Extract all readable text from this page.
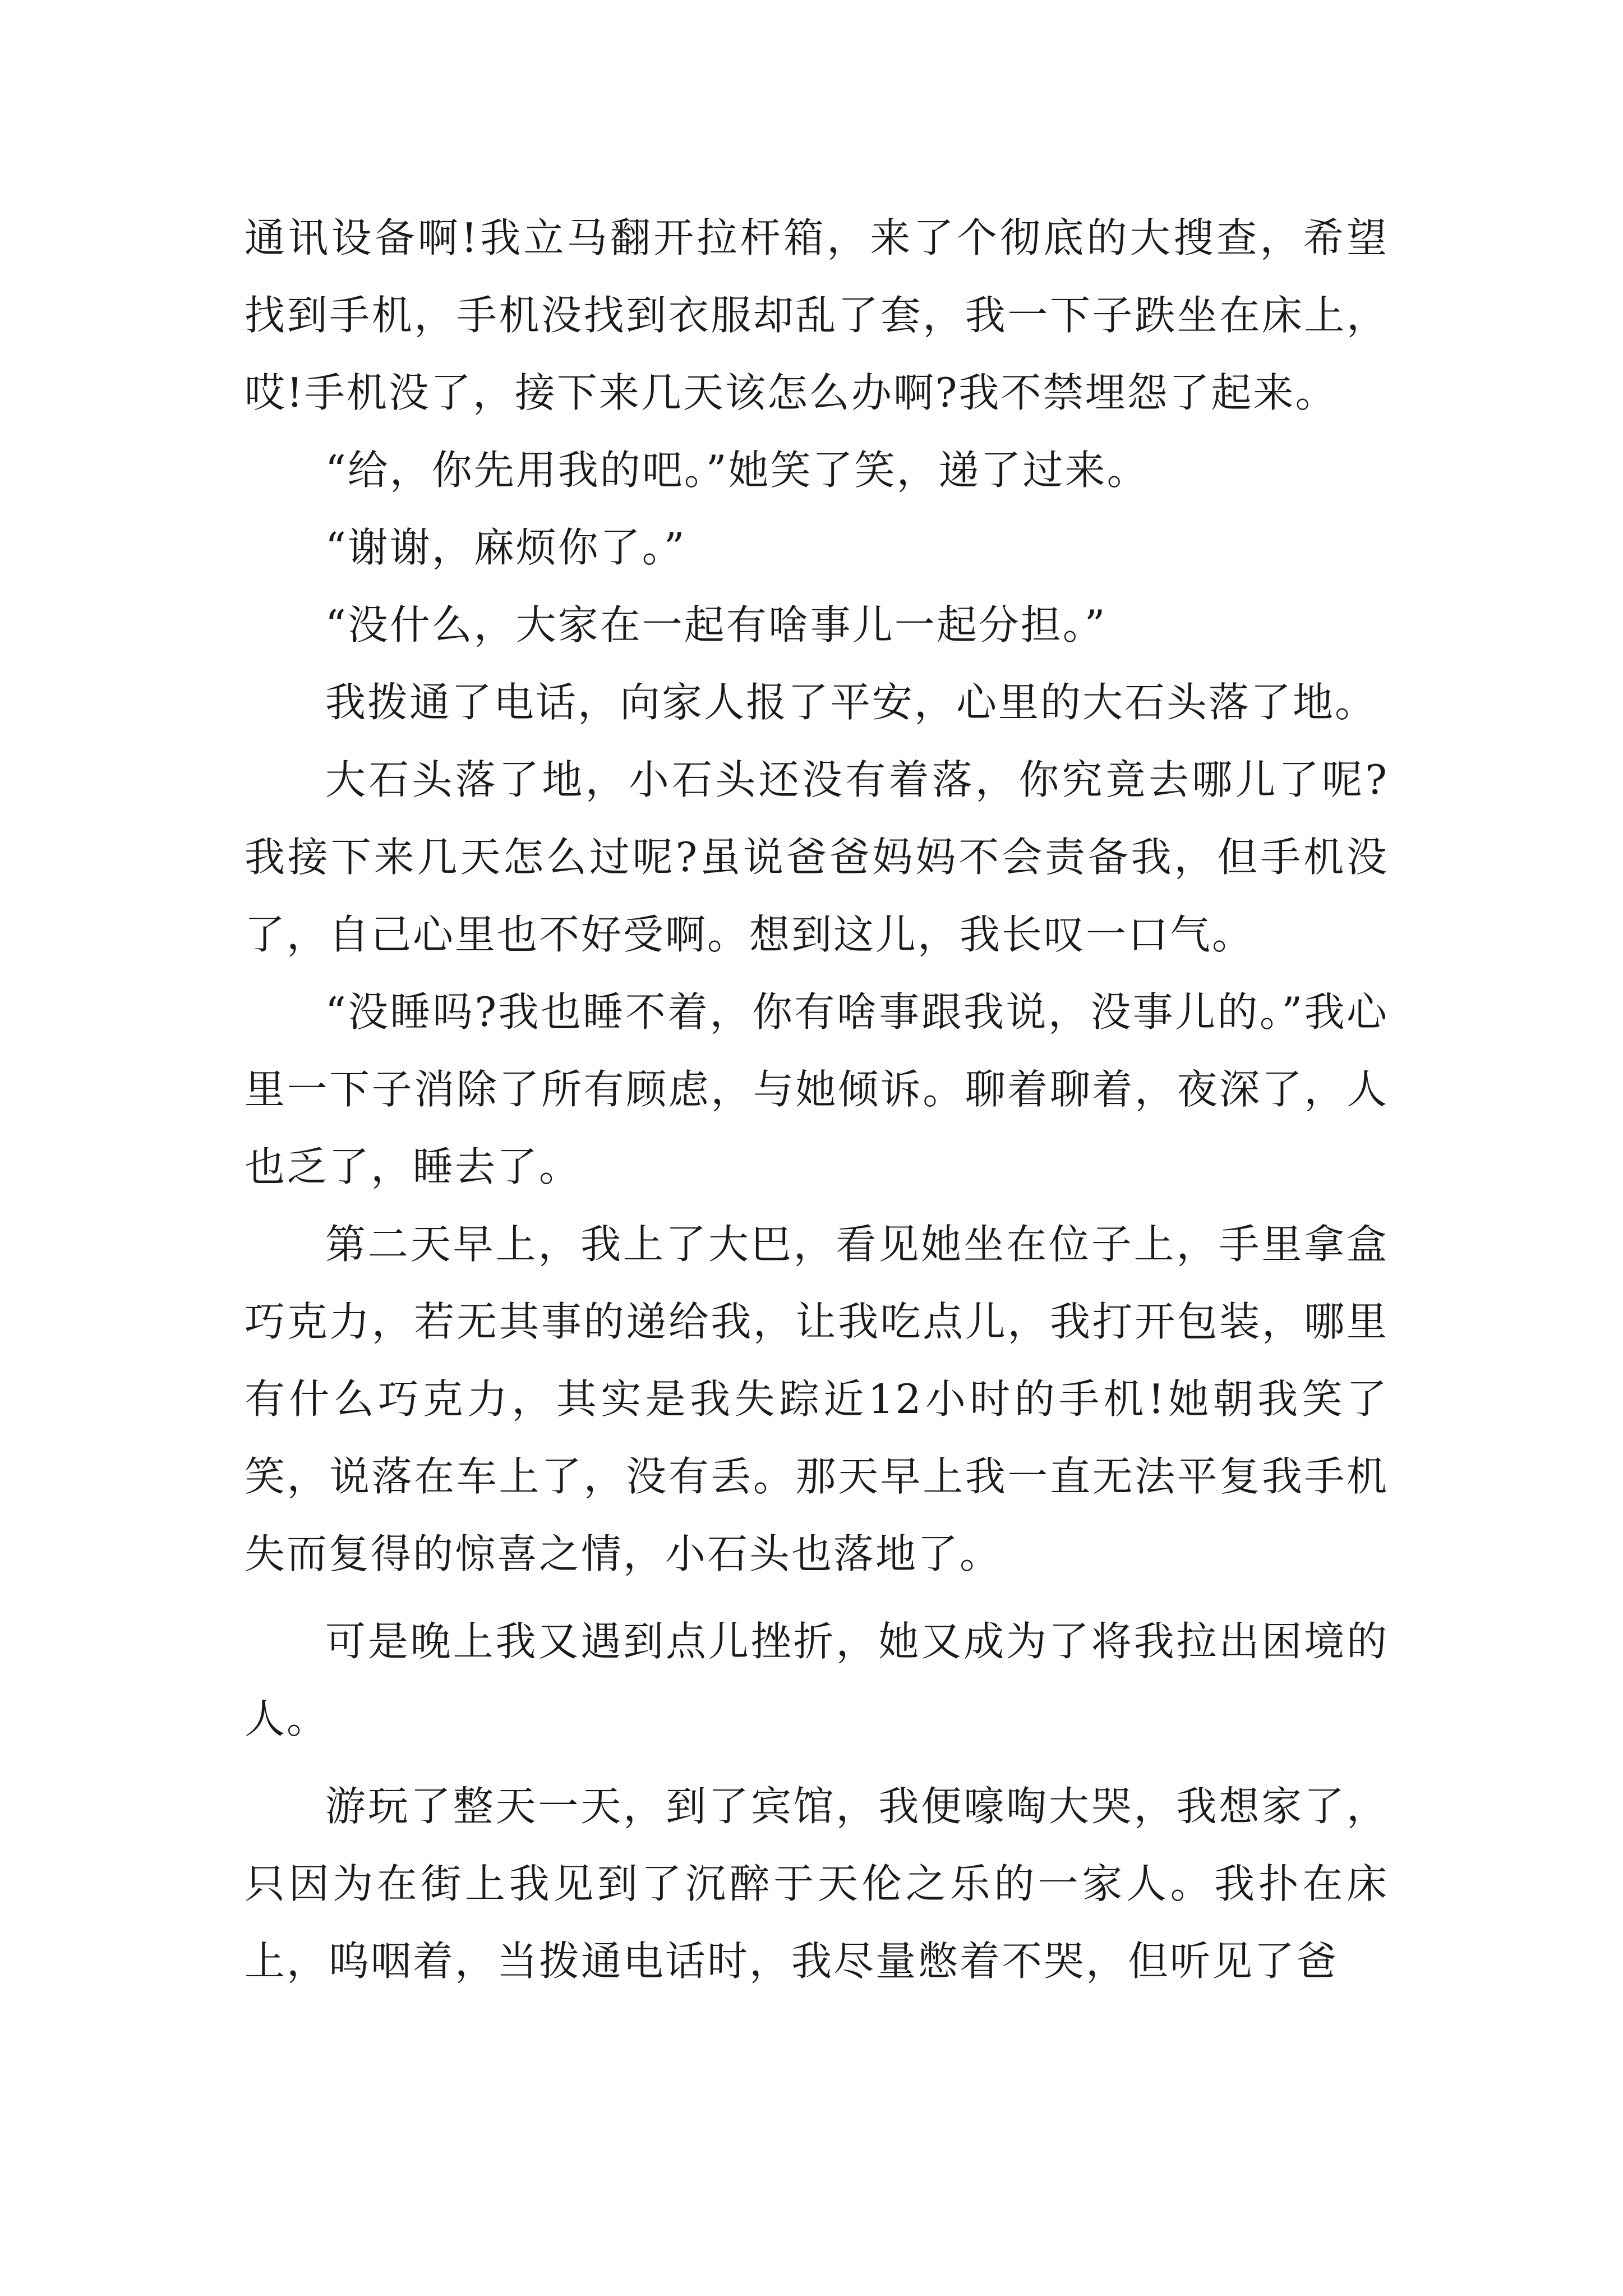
通讯设备啊!我立马翻开拉杆箱，来了个彻底的大搜查，希望找到手机，手机没找到衣服却乱了套，我一下子跌坐在床上，哎!手机没了，接下来几天该怎么办啊?我不禁埋怨了起来。

“给，你先用我的吧。”她笑了笑，递了过来。

“谢谢，麻烦你了。”

“没什么，大家在一起有啥事儿一起分担。”

我拨通了电话，向家人报了平安，心里的大石头落了地。

大石头落了地，小石头还没有着落，你究竟去哪儿了呢?我接下来几天怎么过呢?虽说爸爸妈妈不会责备我，但手机没了，自己心里也不好受啊。想到这儿，我长叹一口气。

“没睡吗?我也睡不着，你有啥事跟我说，没事儿的。”我心里一下子消除了所有顾虑，与她倾诉。聊着聊着，夜深了，人也乏了，睡去了。

第二天早上，我上了大巴，看见她坐在位子上，手里拿盒巧克力，若无其事的递给我，让我吃点儿，我打开包装，哪里有什么巧克力，其实是我失踪近12小时的手机!她朝我笑了笑，说落在车上了，没有丢。那天早上我一直无法平复我手机失而复得的惊喜之情，小石头也落地了。

可是晚上我又遇到点儿挫折，她又成为了将我拉出困境的人。

游玩了整天一天，到了宾馆，我便嚎啕大哭，我想家了，只因为在街上我见到了沉醉于天伦之乐的一家人。我扑在床上，呜咽着，当拨通电话时，我尽量憋着不哭，但听见了爸
